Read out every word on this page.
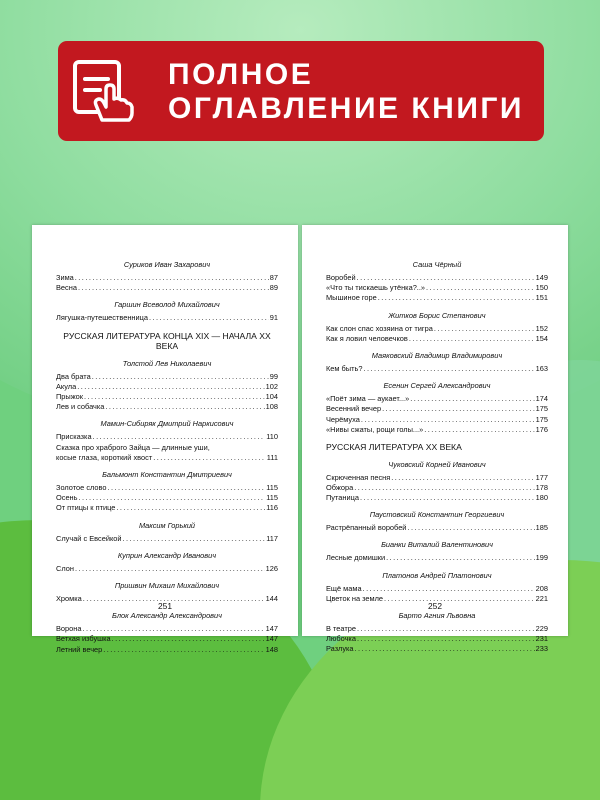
ПОЛНОЕ
ОГЛАВЛЕНИЕ КНИГИ
Суриков Иван Захарович
Зима . . .	87
Весна . . .	89
Гаршин Всеволод Михайлович
Лягушка-путешественница . . .	91
РУССКАЯ ЛИТЕРАТУРА КОНЦА XIX — НАЧАЛА XX ВЕКА
Толстой Лев Николаевич
Два брата . . .	99
Акула . . .	102
Прыжок . . .	104
Лев и собачка . . .	108
Мамин-Сибиряк Дмитрий Наркисович
Присказка . . .	110
Сказка про храброго Зайца — длинные уши,
косые глаза, короткий хвост . . .	111
Бальмонт Константин Дмитриевич
Золотое слово . . .	115
Осень . . .	115
От птицы к птице . . .	116
Максим Горький
Случай с Евсейкой . . .	117
Куприн Александр Иванович
Слон . . .	126
Пришвин Михаил Михайлович
Хромка . . .	144
Блок Александр Александрович
Ворона . . .	147
Ветхая избушка . . .	147
Летний вечер . . .	148
251
Саша Чёрный
Воробей . . .	149
«Что ты тискаешь утёнка?..» . . .	150
Мышиное горе . . .	151
Житков Борис Степанович
Как слон спас хозяина от тигра . . .	152
Как я ловил человечков . . .	154
Маяковский Владимир Владимирович
Кем быть? . . .	163
Есенин Сергей Александрович
«Поёт зима — аукает...» . . .	174
Весенний вечер . . .	175
Черёмуха . . .	175
«Нивы сжаты, рощи голы...» . . .	176
РУССКАЯ ЛИТЕРАТУРА XX ВЕКА
Чуковский Корней Иванович
Скрюченная песня . . .	177
Обжора . . .	178
Путаница . . .	180
Паустовский Константин Георгиевич
Растрёпанный воробей . . .	185
Бианки Виталий Валентинович
Лесные домишки . . .	199
Платонов Андрей Платонович
Ещё мама . . .	208
Цветок на земле . . .	221
Барто Агния Львовна
В театре . . .	229
Любочка . . .	231
Разлука . . .	233
252
